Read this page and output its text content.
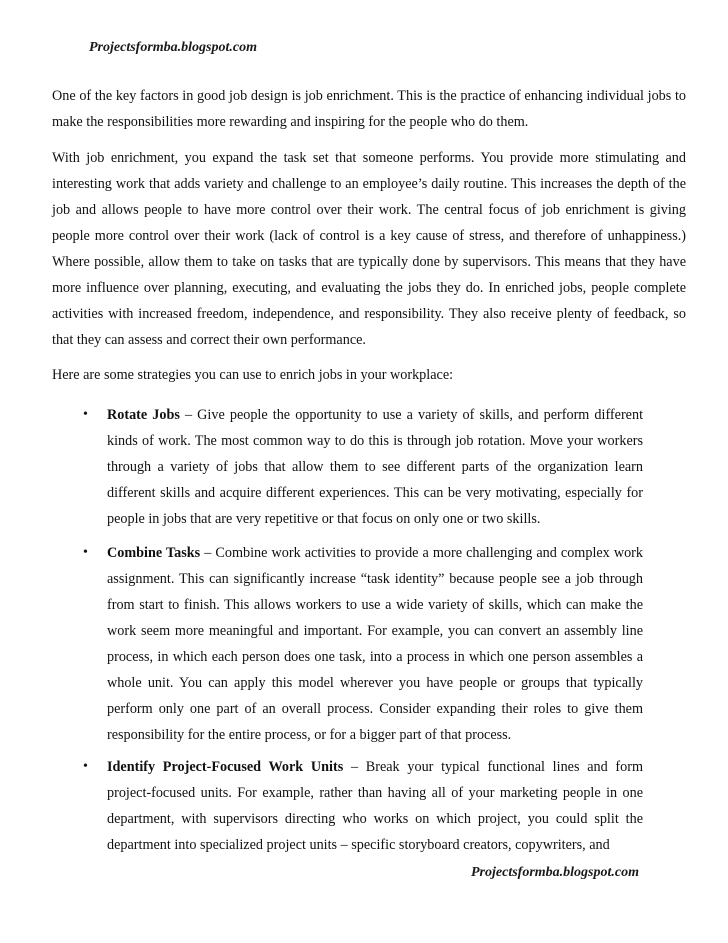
Projectsformba.blogspot.com

One of the key factors in good job design is job enrichment. This is the practice of enhancing individual jobs to make the responsibilities more rewarding and inspiring for the people who do them.

With job enrichment, you expand the task set that someone performs. You provide more stimulating and interesting work that adds variety and challenge to an employee’s daily routine. This increases the depth of the job and allows people to have more control over their work. The central focus of job enrichment is giving people more control over their work (lack of control is a key cause of stress, and therefore of unhappiness.) Where possible, allow them to take on tasks that are typically done by supervisors. This means that they have more influence over planning, executing, and evaluating the jobs they do. In enriched jobs, people complete activities with increased freedom, independence, and responsibility. They also receive plenty of feedback, so that they can assess and correct their own performance.

Here are some strategies you can use to enrich jobs in your workplace:

• Rotate Jobs – Give people the opportunity to use a variety of skills, and perform different kinds of work. The most common way to do this is through job rotation. Move your workers through a variety of jobs that allow them to see different parts of the organization learn different skills and acquire different experiences. This can be very motivating, especially for people in jobs that are very repetitive or that focus on only one or two skills.
• Combine Tasks – Combine work activities to provide a more challenging and complex work assignment. This can significantly increase “task identity” because people see a job through from start to finish. This allows workers to use a wide variety of skills, which can make the work seem more meaningful and important. For example, you can convert an assembly line process, in which each person does one task, into a process in which one person assembles a whole unit. You can apply this model wherever you have people or groups that typically perform only one part of an overall process. Consider expanding their roles to give them responsibility for the entire process, or for a bigger part of that process.
• Identify Project-Focused Work Units – Break your typical functional lines and form project-focused units. For example, rather than having all of your marketing people in one department, with supervisors directing who works on which project, you could split the department into specialized project units – specific storyboard creators, copywriters, and
Projectsformba.blogspot.com
